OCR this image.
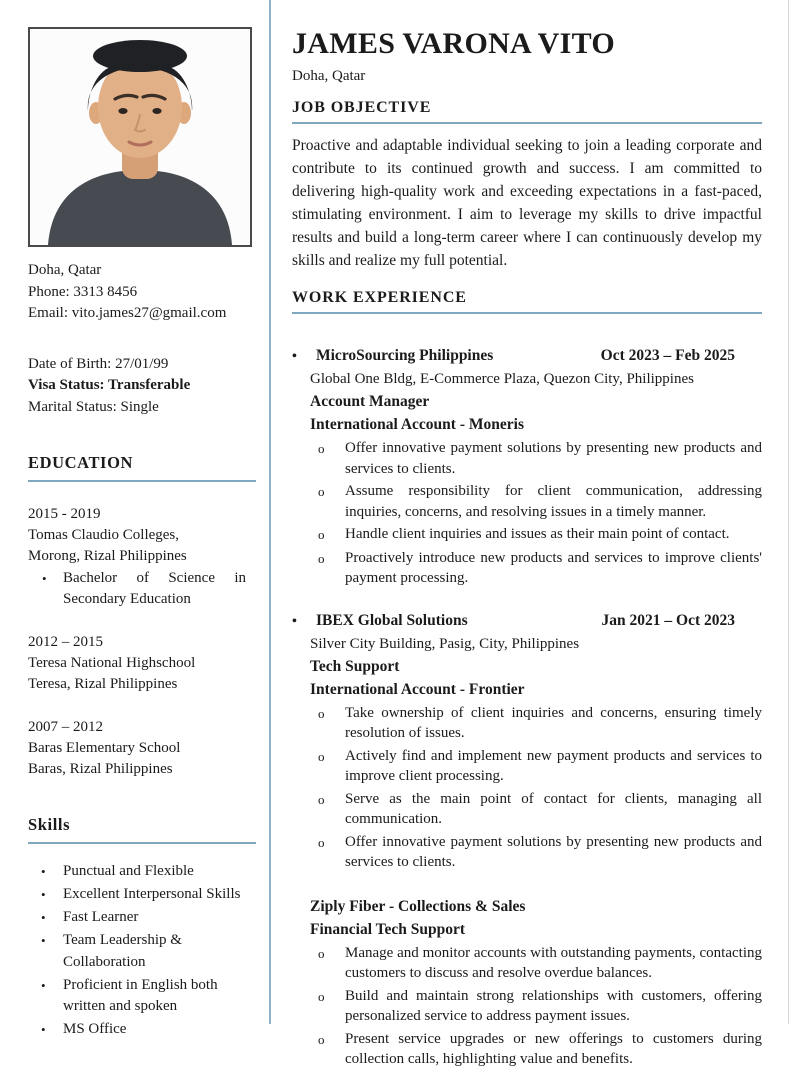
Doha, Qatar
Phone: 3313 8456
Email: vito.james27@gmail.com
Date of Birth: 27/01/99
Visa Status: Transferable
Marital Status: Single
EDUCATION
2015 - 2019
Tomas Claudio Colleges,
Morong, Rizal Philippines
•	Bachelor of Science in Secondary Education
2012 – 2015
Teresa National Highschool
Teresa, Rizal Philippines
2007 – 2012
Baras Elementary School
Baras, Rizal Philippines
Skills
•	Punctual and Flexible
•	Excellent Interpersonal Skills
•	Fast Learner
•	Team Leadership & Collaboration
•	Proficient in English both written and spoken
•	MS Office
JAMES VARONA VITO
Doha, Qatar
JOB OBJECTIVE

Proactive and adaptable individual seeking to join a leading corporate and contribute to its continued growth and success. I am committed to delivering high-quality work and exceeding expectations in a fast-paced, stimulating environment. I aim to leverage my skills to drive impactful results and build a long-term career where I can continuously develop my skills and realize my full potential.

WORK EXPERIENCE
•	MicroSourcing Philippines	Oct 2023 – Feb 2025
Global One Bldg, E-Commerce Plaza, Quezon City, Philippines
Account Manager
International Account - Moneris
o	Offer innovative payment solutions by presenting new products and services to clients.
o	Assume responsibility for client communication, addressing inquiries, concerns, and resolving issues in a timely manner.
o	Handle client inquiries and issues as their main point of contact.
o	Proactively introduce new products and services to improve clients' payment processing.
•	IBEX Global Solutions	Jan 2021 – Oct 2023
Silver City Building, Pasig, City, Philippines
Tech Support
International Account - Frontier
o	Take ownership of client inquiries and concerns, ensuring timely resolution of issues.
o	Actively find and implement new payment products and services to improve client processing.
o	Serve as the main point of contact for clients, managing all communication.
o	Offer innovative payment solutions by presenting new products and services to clients.
Ziply Fiber - Collections & Sales
Financial Tech Support
o	Manage and monitor accounts with outstanding payments, contacting customers to discuss and resolve overdue balances.
o	Build and maintain strong relationships with customers, offering personalized service to address payment issues.
o	Present service upgrades or new offerings to customers during collection calls, highlighting value and benefits.
